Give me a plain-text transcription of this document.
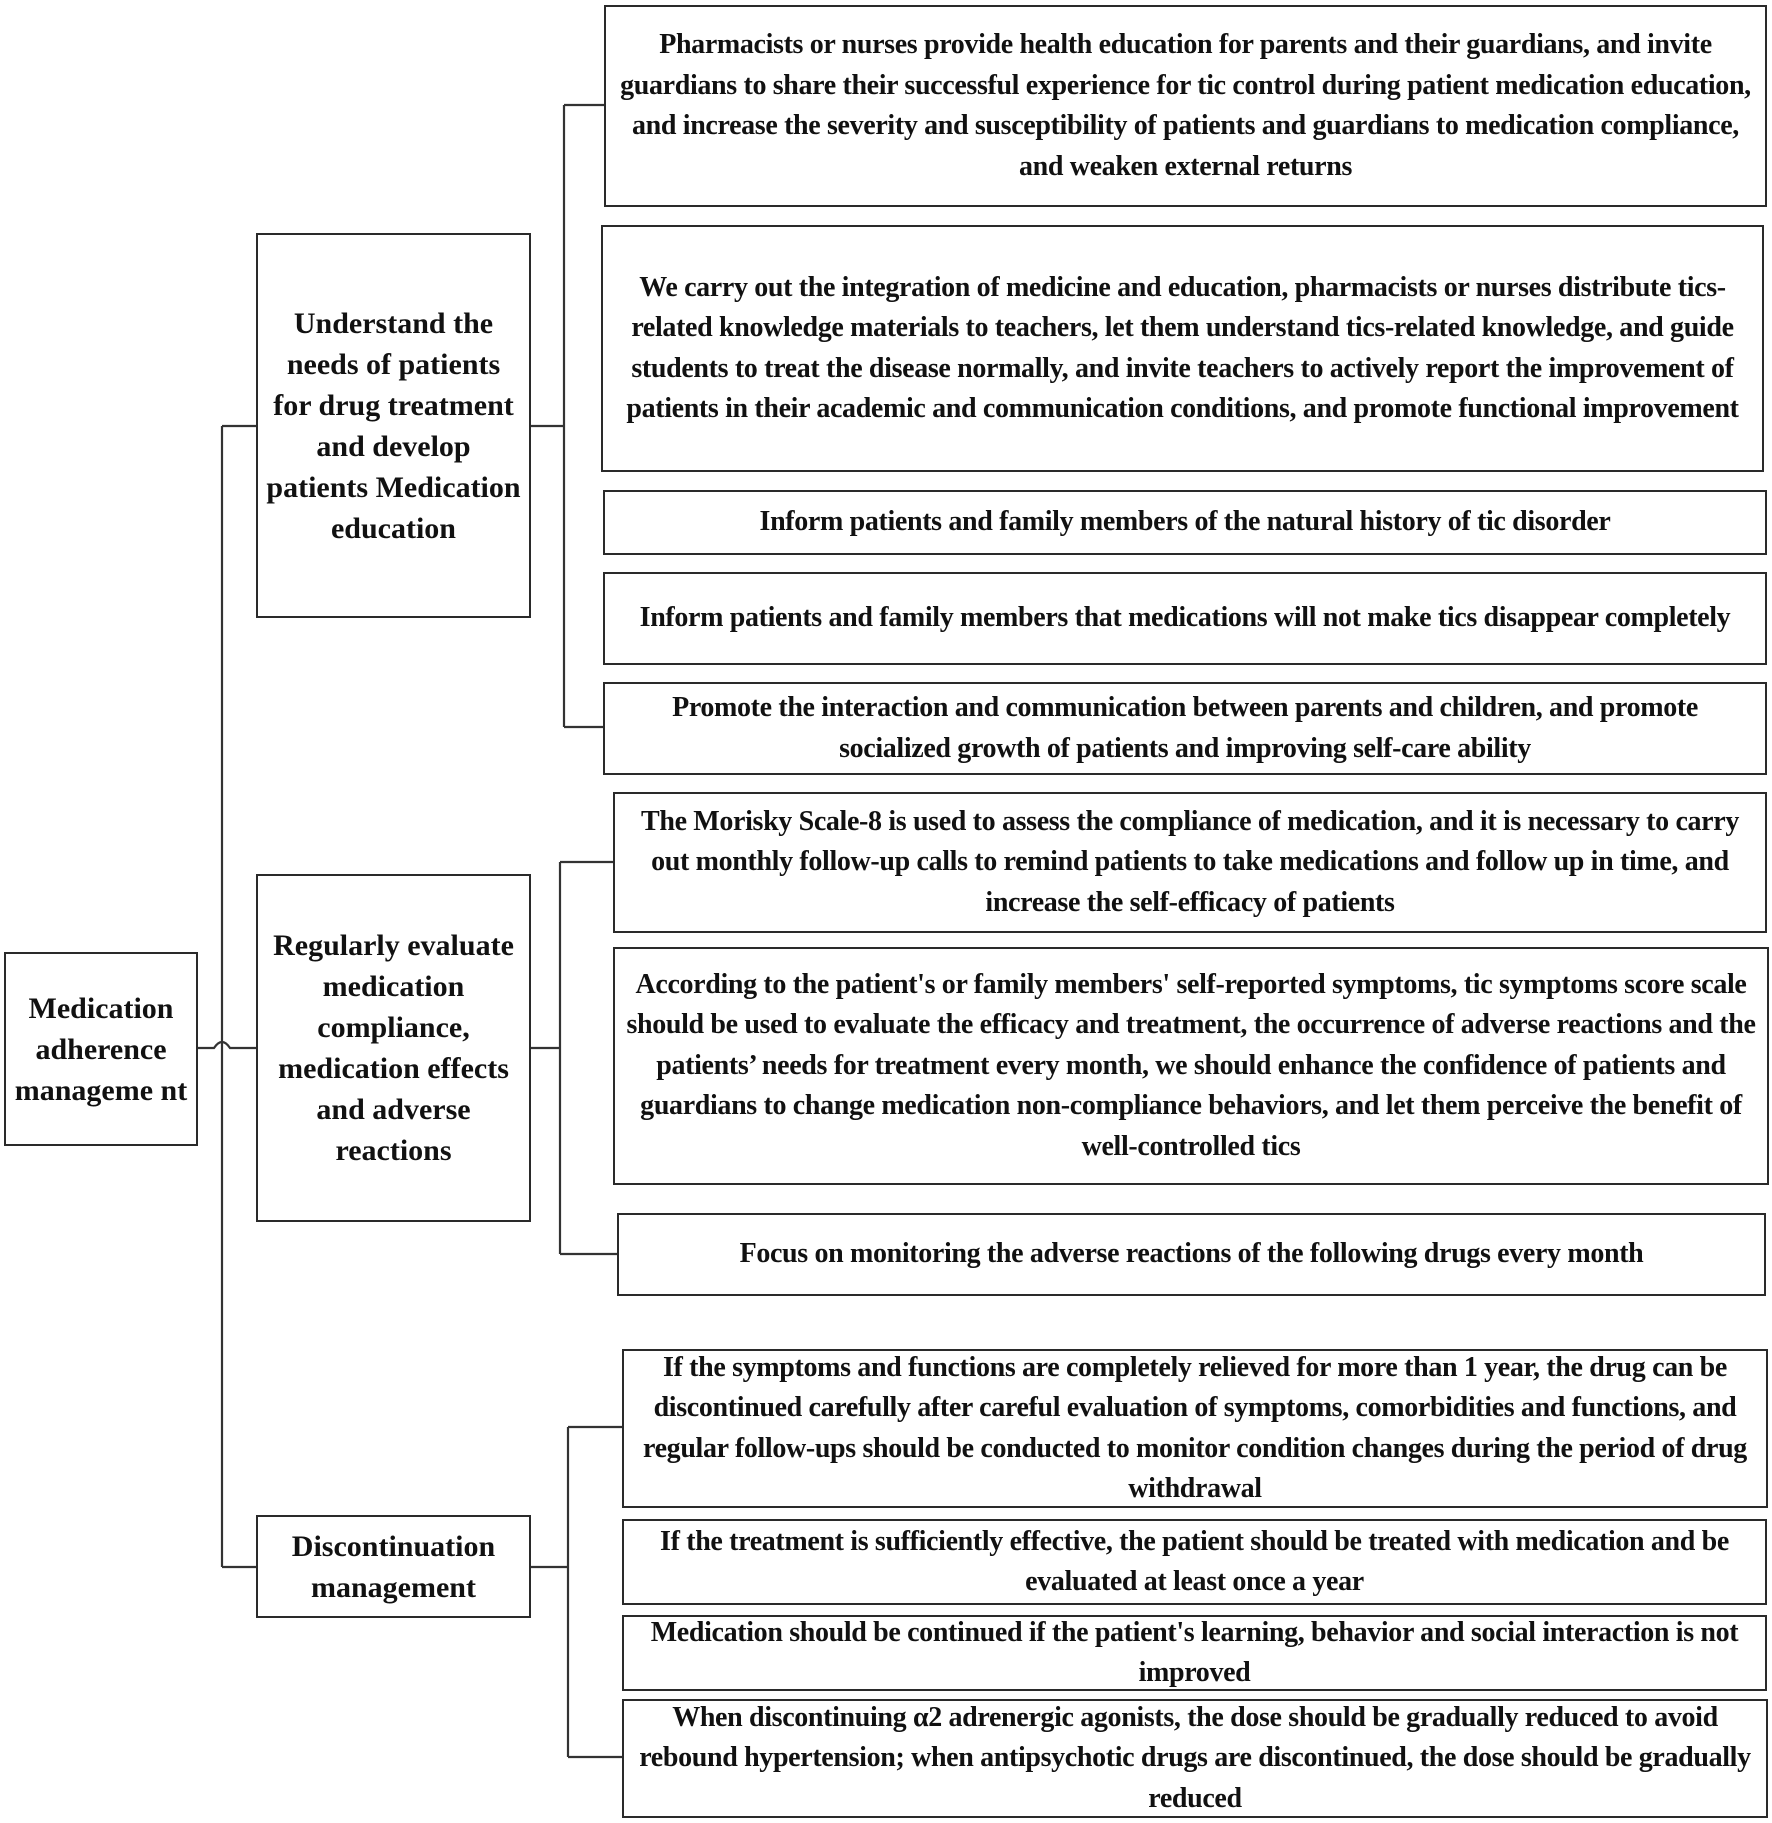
Medication adherence manageme nt
Understand the needs of patients for drug treatment and develop patients Medication education
Regularly evaluate medication compliance, medication effects and adverse reactions
Discontinuation management
Pharmacists or nurses provide health education for parents and their guardians, and invite guardians to share their successful experience for tic control during patient medication education, and increase the severity and susceptibility of patients and guardians to medication compliance, and weaken external returns
We carry out the integration of medicine and education, pharmacists or nurses distribute tics-related knowledge materials to teachers, let them understand tics-related knowledge, and guide students to treat the disease normally, and invite teachers to actively report the improvement of patients in their academic and communication conditions, and promote functional improvement
Inform patients and family members of the natural history of tic disorder
Inform patients and family members that medications will not make tics disappear completely
Promote the interaction and communication between parents and children, and promote socialized growth of patients and improving self-care ability
The Morisky Scale-8 is used to assess the compliance of medication, and it is necessary to carry out monthly follow-up calls to remind patients to take medications and follow up in time, and increase the self-efficacy of patients
According to the patient's or family members' self-reported symptoms, tic symptoms score scale should be used to evaluate the efficacy and treatment, the occurrence of adverse reactions and the patients’ needs for treatment every month, we should enhance the confidence of patients and guardians to change medication non-compliance behaviors, and let them perceive the benefit of well-controlled tics
Focus on monitoring the adverse reactions of the following drugs every month
If the symptoms and functions are completely relieved for more than 1 year, the drug can be discontinued carefully after careful evaluation of symptoms, comorbidities and functions, and regular follow-ups should be conducted to monitor condition changes during the period of drug withdrawal
If the treatment is sufficiently effective, the patient should be treated with medication and be evaluated at least once a year
Medication should be continued if the patient's learning, behavior and social interaction is not improved
When discontinuing α2 adrenergic agonists, the dose should be gradually reduced to avoid rebound hypertension; when antipsychotic drugs are discontinued, the dose should be gradually reduced
